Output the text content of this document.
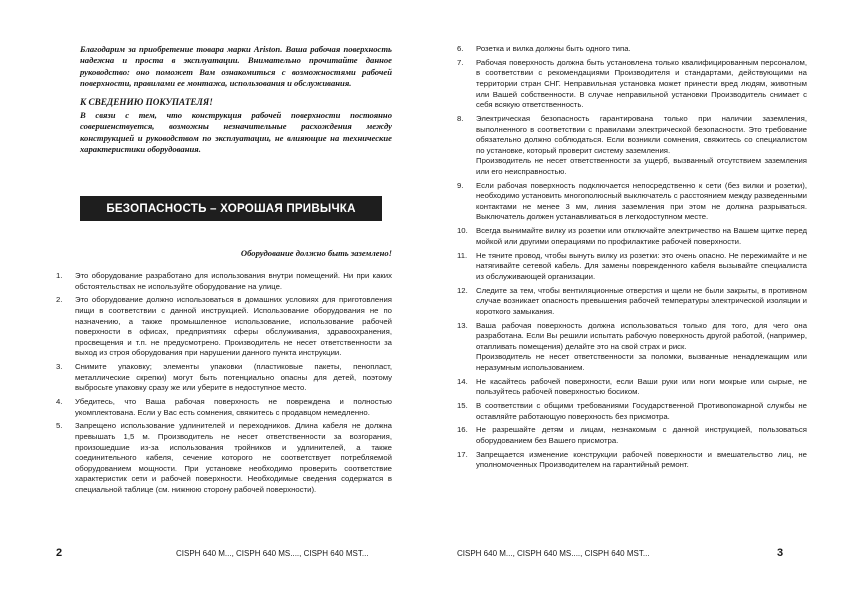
Благодарим за приобретение товара марки Ariston. Ваша рабочая поверхность надежна и проста в эксплуатации. Внимательно прочитайте данное руководство: оно поможет Вам ознакомиться с возможностями рабочей поверхности, правилами ее монтажа, использования и обслуживания.

К СВЕДЕНИЮ ПОКУПАТЕЛЯ!

В связи с тем, что конструкция рабочей поверхности постоянно совершенствуется, возможны незначительные расхождения между конструкцией и руководством по эксплуатации, не влияющие на технические характеристики оборудования.

БЕЗОПАСНОСТЬ – ХОРОШАЯ ПРИВЫЧКА
Оборудование должно быть заземлено!
1. Это оборудование разработано для использования внутри помещений. Ни при каких обстоятельствах не используйте оборудование на улице.
2. Это оборудование должно использоваться в домашних условиях для приготовления пищи в соответствии с данной инструкцией. Использование оборудования не по назначению, а также промышленное использование, использование рабочей поверхности в офисах, предприятиях сферы обслуживания, здравоохранения, просвещения и т.п. не предусмотрено. Производитель не несет ответственности за выход из строя оборудования при нарушении данного пункта инструкции.
3. Снимите упаковку; элементы упаковки (пластиковые пакеты, пенопласт, металлические скрепки) могут быть потенциально опасны для детей, поэтому выбросьте упаковку сразу же или уберите в недоступное место.
4. Убедитесь, что Ваша рабочая поверхность не повреждена и полностью укомплектована. Если у Вас есть сомнения, свяжитесь с продавцом немедленно.
5. Запрещено использование удлинителей и переходников. Длина кабеля не должна превышать 1,5 м. Производитель не несет ответственности за возгорания, произошедшие из-за использования тройников и удлинителей, а также соединительного кабеля, сечение которого не соответствует потребляемой оборудованием мощности. При установке необходимо проверить соответствие характеристик сети и рабочей поверхности. Необходимые сведения содержатся в специальной таблице (см. нижнюю сторону рабочей поверхности).
2	CISPH 640 M..., CISPH 640 MS...., CISPH 640 MST...
6. Розетка и вилка должны быть одного типа.
7. Рабочая поверхность должна быть установлена только квалифицированным персоналом, в соответствии с рекомендациями Производителя и стандартами, действующими на территории стран СНГ. Неправильная установка может принести вред людям, животным или Вашей собственности. В случае неправильной установки Производитель снимает с себя всякую ответственность.
8. Электрическая безопасность гарантирована только при наличии заземления, выполненного в соответствии с правилами электрической безопасности. Это требование обязательно должно соблюдаться. Если возникли сомнения, свяжитесь со специалистом по установке, который проверит систему заземления.
Производитель не несет ответственности за ущерб, вызванный отсутствием заземления или его неисправностью.
9. Если рабочая поверхность подключается непосредственно к сети (без вилки и розетки), необходимо установить многополюсный выключатель с расстоянием между разведенными контактами не менее 3 мм, линия заземления при этом не должна разрываться. Выключатель должен устанавливаться в легкодоступном месте.
10. Всегда вынимайте вилку из розетки или отключайте электричество на Вашем щитке перед мойкой или другими операциями по профилактике рабочей поверхности.
11. Не тяните провод, чтобы вынуть вилку из розетки: это очень опасно. Не пережимайте и не натягивайте сетевой кабель. Для замены поврежденного кабеля вызывайте специалиста из обслуживающей организации.
12. Следите за тем, чтобы вентиляционные отверстия и щели не были закрыты, в противном случае возникает опасность превышения рабочей температуры электрической изоляции и короткого замыкания.
13. Ваша рабочая поверхность должна использоваться только для того, для чего она разработана. Если Вы решили испытать рабочую поверхность другой работой, (например, отапливать помещения) делайте это на свой страх и риск.
Производитель не несет ответственности за поломки, вызванные ненадлежащим или неразумным использованием.
14. Не касайтесь рабочей поверхности, если Ваши руки или ноги мокрые или сырые, не пользуйтесь рабочей поверхностью босиком.
15. В соответствии с общими требованиями Государственной Противопожарной службы не оставляйте работающую поверхность без присмотра.
16. Не разрешайте детям и лицам, незнакомым с данной инструкцией, пользоваться оборудованием без Вашего присмотра.
17. Запрещается изменение конструкции рабочей поверхности и вмешательство лиц, не уполномоченных Производителем на гарантийный ремонт.
CISPH 640 M..., CISPH 640 MS...., CISPH 640 MST...	3
